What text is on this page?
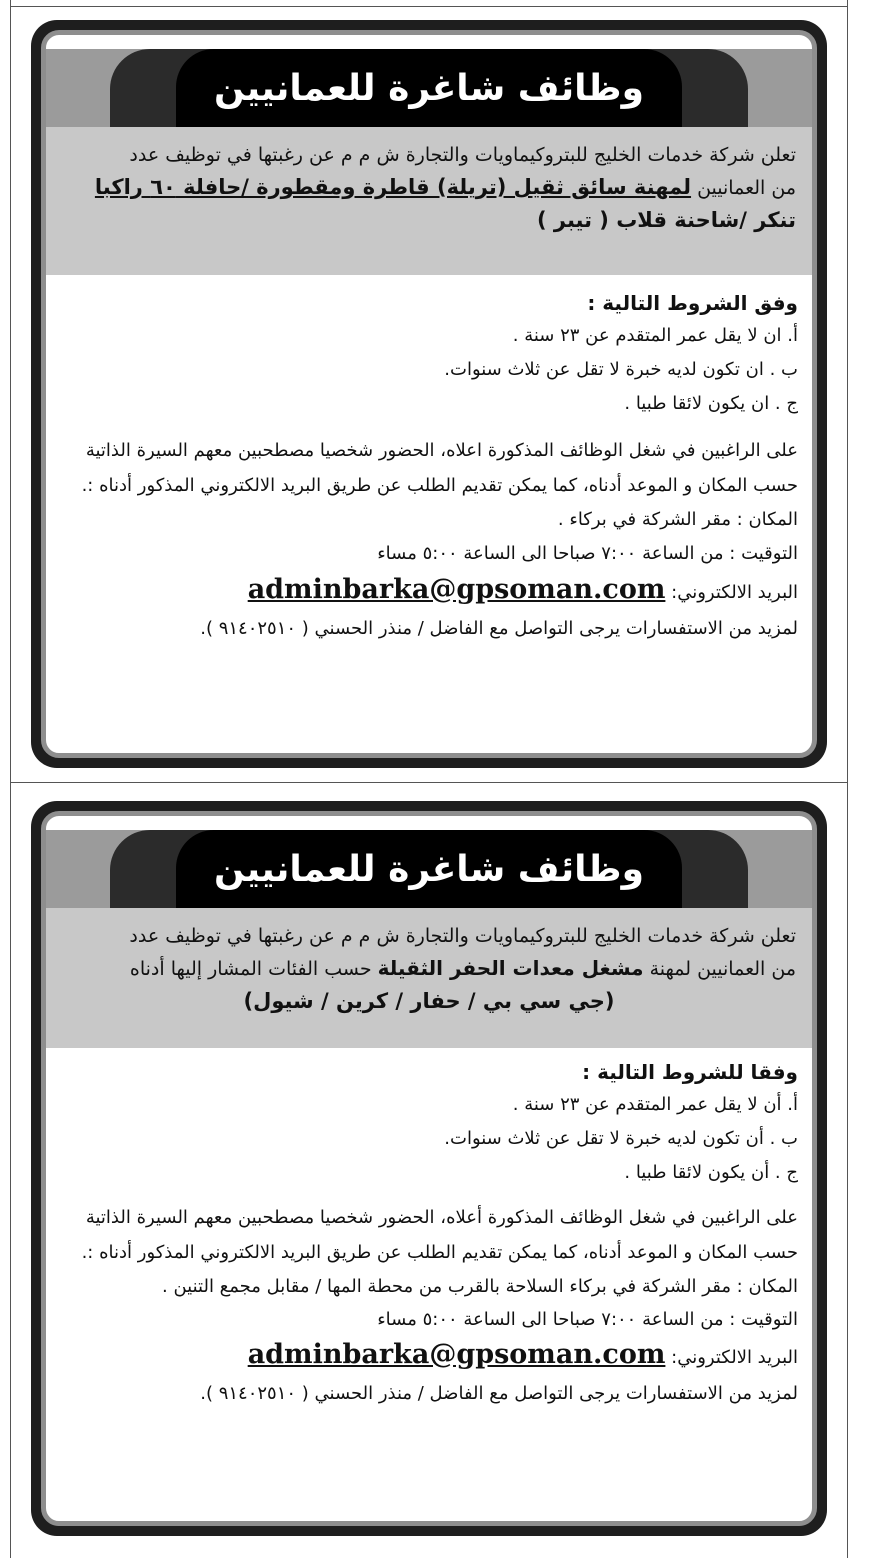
وظائف شاغرة للعمانيين
تعلن شركة خدمات الخليج للبتروكيماويات والتجارة ش م م عن رغبتها في توظيف عدد
من العمانيين لمهنة سائق ثقيل (تريلة) قاطرة ومقطورة /حافلة ٦٠ راكبا
تنكر /شاحنة قلاب ( تيبر )

وفق الشروط التالية :

أ. ان لا يقل عمر المتقدم عن ٢٣ سنة .

ب . ان تكون لديه خبرة لا تقل عن ثلاث سنوات.

ج . ان يكون لائقا طبيا .

على الراغبين في شغل الوظائف المذكورة اعلاه، الحضور شخصيا مصطحبين معهم السيرة الذاتية حسب المكان و الموعد أدناه، كما يمكن تقديم الطلب عن طريق البريد الالكتروني المذكور أدناه :.

المكان : مقر الشركة في بركاء .

التوقيت : من الساعة ٧:٠٠ صباحا الى الساعة ٥:٠٠ مساء

البريد الالكتروني: adminbarka@gpsoman.com

لمزيد من الاستفسارات يرجى التواصل مع الفاضل / منذر الحسني ( ٩١٤٠٢٥١٠ ).

وظائف شاغرة للعمانيين
تعلن شركة خدمات الخليج للبتروكيماويات والتجارة ش م م عن رغبتها في توظيف عدد
من العمانيين لمهنة مشغل معدات الحفر الثقيلة حسب الفئات المشار إليها أدناه
(جي سي بي / حفار / كرين / شيول)

وفقا للشروط التالية :

أ. أن لا يقل عمر المتقدم عن ٢٣ سنة .

ب . أن تكون لديه خبرة لا تقل عن ثلاث سنوات.

ج . أن يكون لائقا طبيا .

على الراغبين في شغل الوظائف المذكورة أعلاه، الحضور شخصيا مصطحبين معهم السيرة الذاتية حسب المكان و الموعد أدناه، كما يمكن تقديم الطلب عن طريق البريد الالكتروني المذكور أدناه :.

المكان : مقر الشركة في بركاء السلاحة بالقرب من محطة المها / مقابل مجمع التنين .

التوقيت : من الساعة ٧:٠٠ صباحا الى الساعة ٥:٠٠ مساء

البريد الالكتروني: adminbarka@gpsoman.com

لمزيد من الاستفسارات يرجى التواصل مع الفاضل / منذر الحسني ( ٩١٤٠٢٥١٠ ).
